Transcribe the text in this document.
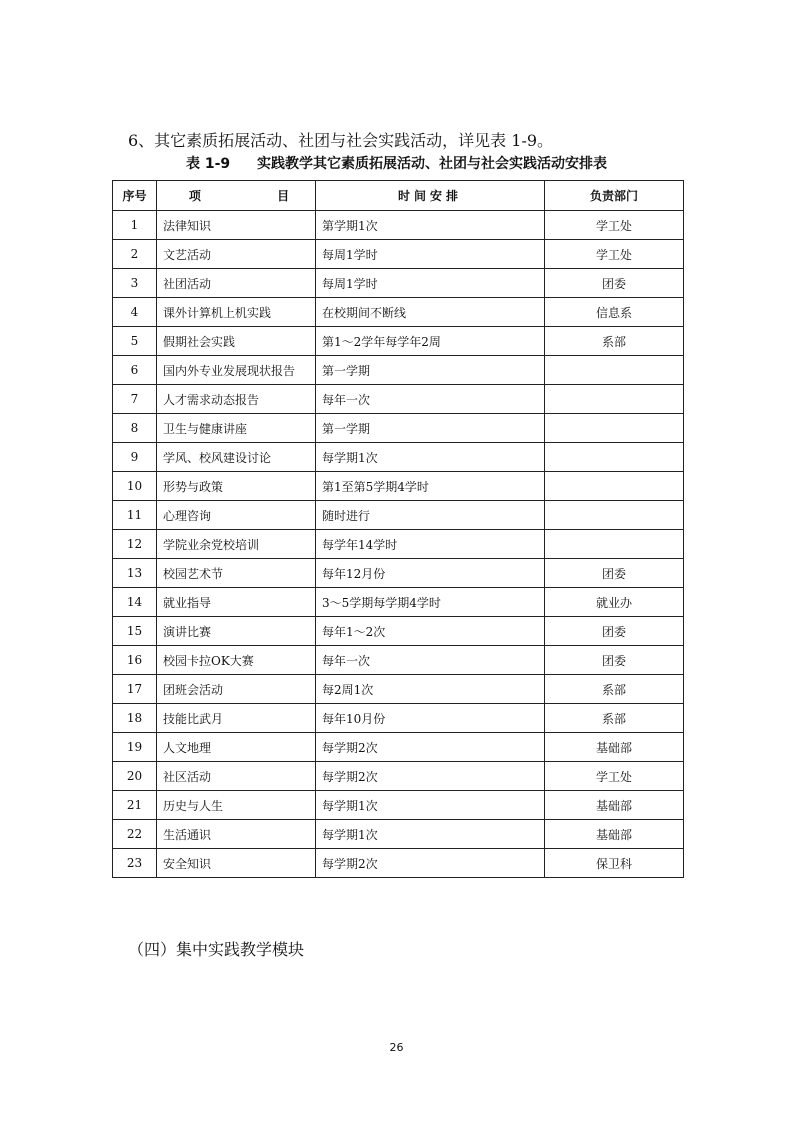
6、其它素质拓展活动、社团与社会实践活动，详见表 1-9。
表 1-9 实践教学其它素质拓展活动、社团与社会实践活动安排表
序号	项 目	时间安排	负责部门
1	法律知识	第学期1次	学工处
2	文艺活动	每周1学时	学工处
3	社团活动	每周1学时	团委
4	课外计算机上机实践	在校期间不断线	信息系
5	假期社会实践	第1～2学年每学年2周	系部
6	国内外专业发展现状报告	第一学期	
7	人才需求动态报告	每年一次	
8	卫生与健康讲座	第一学期	
9	学风、校风建设讨论	每学期1次	
10	形势与政策	第1至第5学期4学时	
11	心理咨询	随时进行	
12	学院业余党校培训	每学年14学时	
13	校园艺术节	每年12月份	团委
14	就业指导	3～5学期每学期4学时	就业办
15	演讲比赛	每年1～2次	团委
16	校园卡拉OK大赛	每年一次	团委
17	团班会活动	每2周1次	系部
18	技能比武月	每年10月份	系部
19	人文地理	每学期2次	基础部
20	社区活动	每学期2次	学工处
21	历史与人生	每学期1次	基础部
22	生活通识	每学期1次	基础部
23	安全知识	每学期2次	保卫科
（四）集中实践教学模块
26
